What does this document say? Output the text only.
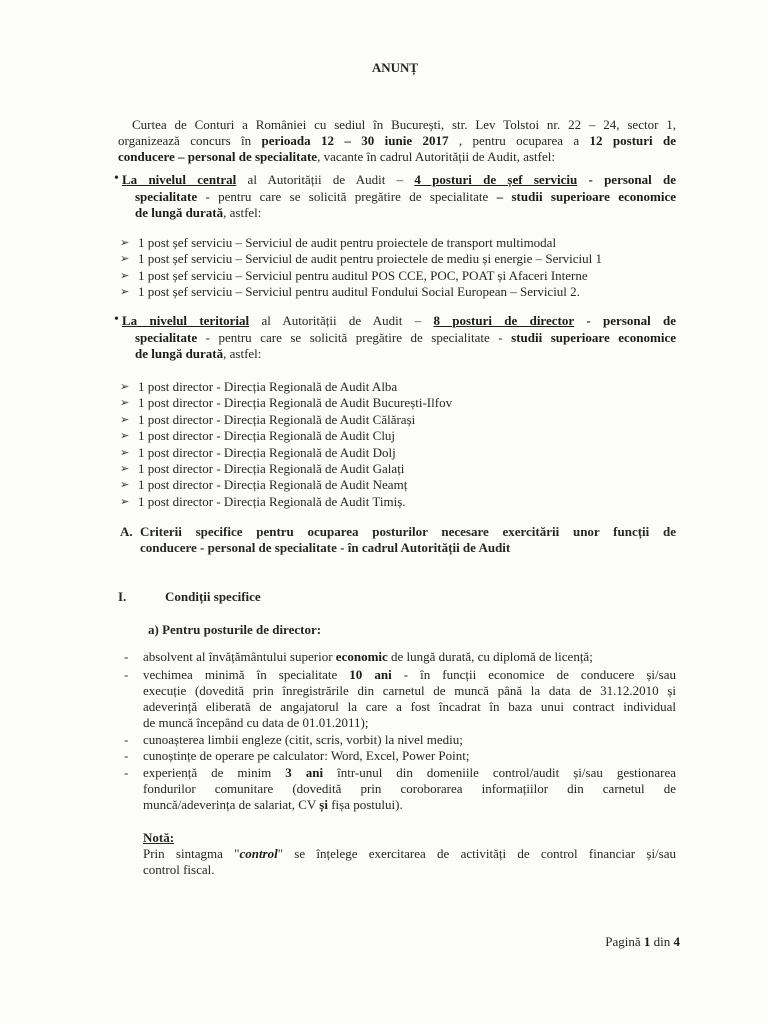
ANUNȚ
Curtea de Conturi a României cu sediul în București, str. Lev Tolstoi nr. 22 – 24, sector 1,
organizează concurs în perioada 12 – 30 iunie 2017 , pentru ocuparea a 12 posturi de
conducere – personal de specialitate, vacante în cadrul Autorității de Audit, astfel:
• La nivelul central al Autorității de Audit – 4 posturi de șef serviciu - personal de
specialitate - pentru care se solicită pregătire de specialitate – studii superioare economice
de lungă durată, astfel:
➢ 1 post șef serviciu – Serviciul de audit pentru proiectele de transport multimodal
➢ 1 post șef serviciu – Serviciul de audit pentru proiectele de mediu și energie – Serviciul 1
➢ 1 post șef serviciu – Serviciul pentru auditul POS CCE, POC, POAT și Afaceri Interne
➢ 1 post șef serviciu – Serviciul pentru auditul Fondului Social European – Serviciul 2.
• La nivelul teritorial al Autorității de Audit – 8 posturi de director - personal de
specialitate - pentru care se solicită pregătire de specialitate - studii superioare economice
de lungă durată, astfel:
➢ 1 post director - Direcția Regională de Audit Alba
➢ 1 post director - Direcția Regională de Audit București-Ilfov
➢ 1 post director - Direcția Regională de Audit Călărași
➢ 1 post director - Direcția Regională de Audit Cluj
➢ 1 post director - Direcția Regională de Audit Dolj
➢ 1 post director - Direcția Regională de Audit Galați
➢ 1 post director - Direcția Regională de Audit Neamț
➢ 1 post director - Direcția Regională de Audit Timiș.
A. Criterii specifice pentru ocuparea posturilor necesare exercitării unor funcții de
conducere - personal de specialitate - în cadrul Autorității de Audit
I.	Condiții specifice
a) Pentru posturile de director:
- absolvent al învățământului superior economic de lungă durată, cu diplomă de licență;
- vechimea minimă în specialitate 10 ani - în funcții economice de conducere și/sau
execuție (dovedită prin înregistrările din carnetul de muncă până la data de 31.12.2010 și
adeverință eliberată de angajatorul la care a fost încadrat în baza unui contract individual
de muncă începând cu data de 01.01.2011);
- cunoașterea limbii engleze (citit, scris, vorbit) la nivel mediu;
- cunoștințe de operare pe calculator: Word, Excel, Power Point;
- experiență de minim 3 ani într-unul din domeniile control/audit și/sau gestionarea
fondurilor comunitare (dovedită prin coroborarea informațiilor din carnetul de
muncă/adeverința de salariat, CV și fișa postului).
Notă:
Prin sintagma "control" se înțelege exercitarea de activități de control financiar și/sau
control fiscal.
Pagină 1 din 4
